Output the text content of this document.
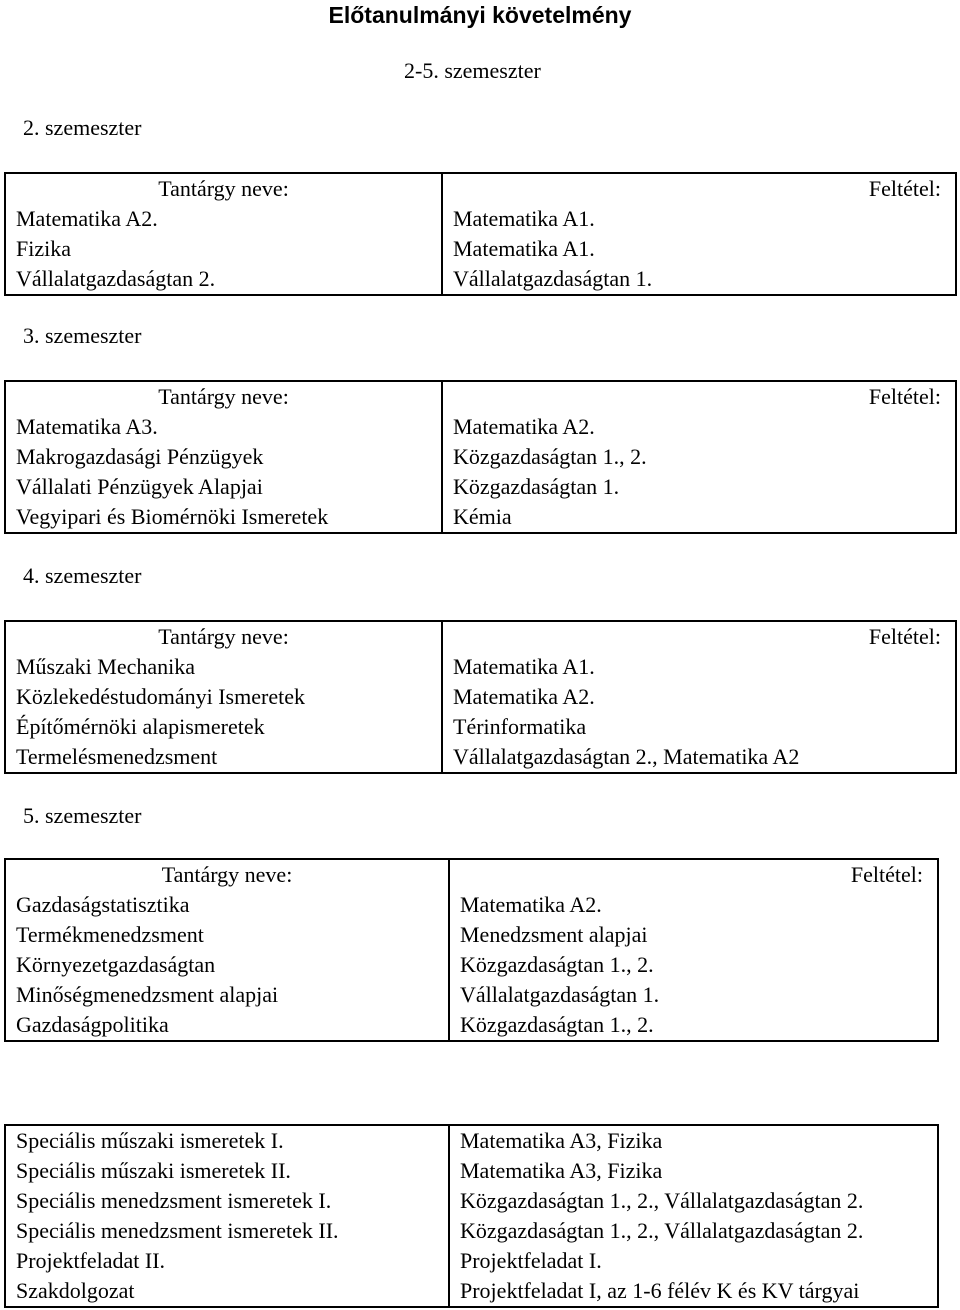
Előtanulmányi követelmény
2-5. szemeszter
2. szemeszter
Tantárgy neve:	Feltétel:
Matematika A2.	Matematika A1.
Fizika	Matematika A1.
Vállalatgazdaságtan 2.	Vállalatgazdaságtan 1.
3. szemeszter
Tantárgy neve:	Feltétel:
Matematika A3.	Matematika A2.
Makrogazdasági Pénzügyek	Közgazdaságtan 1., 2.
Vállalati Pénzügyek Alapjai	Közgazdaságtan 1.
Vegyipari és Biomérnöki Ismeretek	Kémia
4. szemeszter
Tantárgy neve:	Feltétel:
Műszaki Mechanika	Matematika A1.
Közlekedéstudományi Ismeretek	Matematika A2.
Építőmérnöki alapismeretek	Térinformatika
Termelésmenedzsment	Vállalatgazdaságtan 2., Matematika A2
5. szemeszter
Tantárgy neve:	Feltétel:
Gazdaságstatisztika	Matematika A2.
Termékmenedzsment	Menedzsment alapjai
Környezetgazdaságtan	Közgazdaságtan 1., 2.
Minőségmenedzsment alapjai	Vállalatgazdaságtan 1.
Gazdaságpolitika	Közgazdaságtan 1., 2.
Speciális műszaki ismeretek I.	Matematika A3, Fizika
Speciális műszaki ismeretek II.	Matematika A3, Fizika
Speciális menedzsment ismeretek I.	Közgazdaságtan 1., 2., Vállalatgazdaságtan 2.
Speciális menedzsment ismeretek II.	Közgazdaságtan 1., 2., Vállalatgazdaságtan 2.
Projektfeladat II.	Projektfeladat I.
Szakdolgozat	Projektfeladat I, az 1-6 félév K és KV tárgyai
